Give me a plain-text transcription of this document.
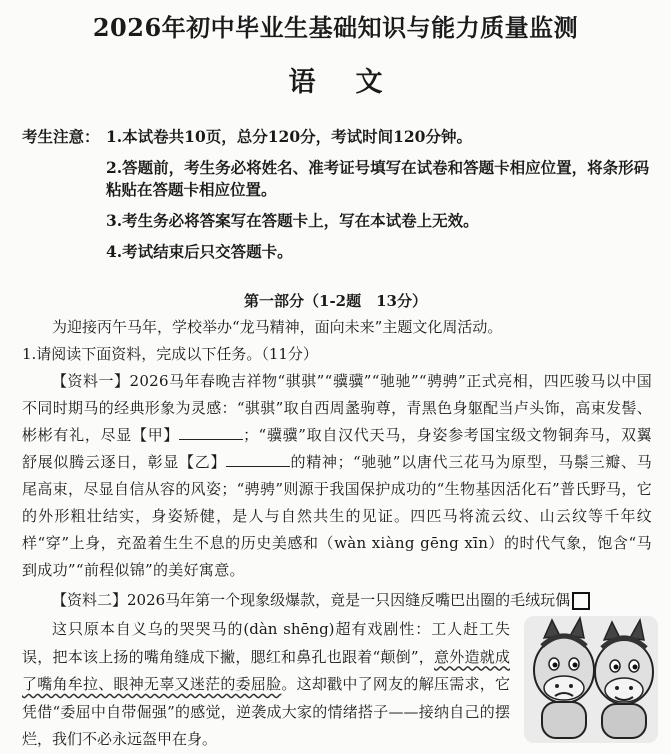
2026年初中毕业生基础知识与能力质量监测
语文
考生注意： 1.本试卷共10页，总分120分，考试时间120分钟。
2.答题前，考生务必将姓名、准考证号填写在试卷和答题卡相应位置，将条形码粘贴在答题卡相应位置。
3.考生务必将答案写在答题卡上，写在本试卷上无效。
4.考试结束后只交答题卡。
第一部分（1-2题　13分）
为迎接丙午马年，学校举办“龙马精神，面向未来”主题文化周活动。
1.请阅读下面资料，完成以下任务。（11分）
【资料一】2026马年春晚吉祥物“骐骐”“骥骥”“驰驰”“骋骋”正式亮相，四匹骏马以中国不同时期马的经典形象为灵感：“骐骐”取自西周盠驹尊，青黑色身躯配当卢头饰，高束发髻、彬彬有礼，尽显【甲】	；“骥骥”取自汉代天马，身姿参考国宝级文物铜奔马，双翼舒展似腾云逐日，彰显【乙】	的精神；“驰驰”以唐代三花马为原型，马鬃三瓣、马尾高束，尽显自信从容的风姿；“骋骋”则源于我国保护成功的“生物基因活化石”普氏野马，它的外形粗壮结实，身姿矫健，是人与自然共生的见证。四匹马将流云纹、山云纹等千年纹样“穿”上身，充盈着生生不息的历史美感和（wàn xiàng gēng xīn）的时代气象，饱含“马到成功”“前程似锦”的美好寓意。
【资料二】2026马年第一个现象级爆款，竟是一只因缝反嘴巴出圈的毛绒玩偶
这只原本自义乌的哭哭马的(dàn shēng)超有戏剧性：工人赶工失误，把本该上扬的嘴角缝成下撇，腮红和鼻孔也跟着“颠倒”，意外造就成了嘴角牟拉、眼神无辜又迷茫的委屈脸。这却戳中了网友的解压需求，它凭借“委屈中自带倔强”的感觉，逆袭成大家的情绪搭子——接纳自己的摆烂，我们不必永远盔甲在身。
